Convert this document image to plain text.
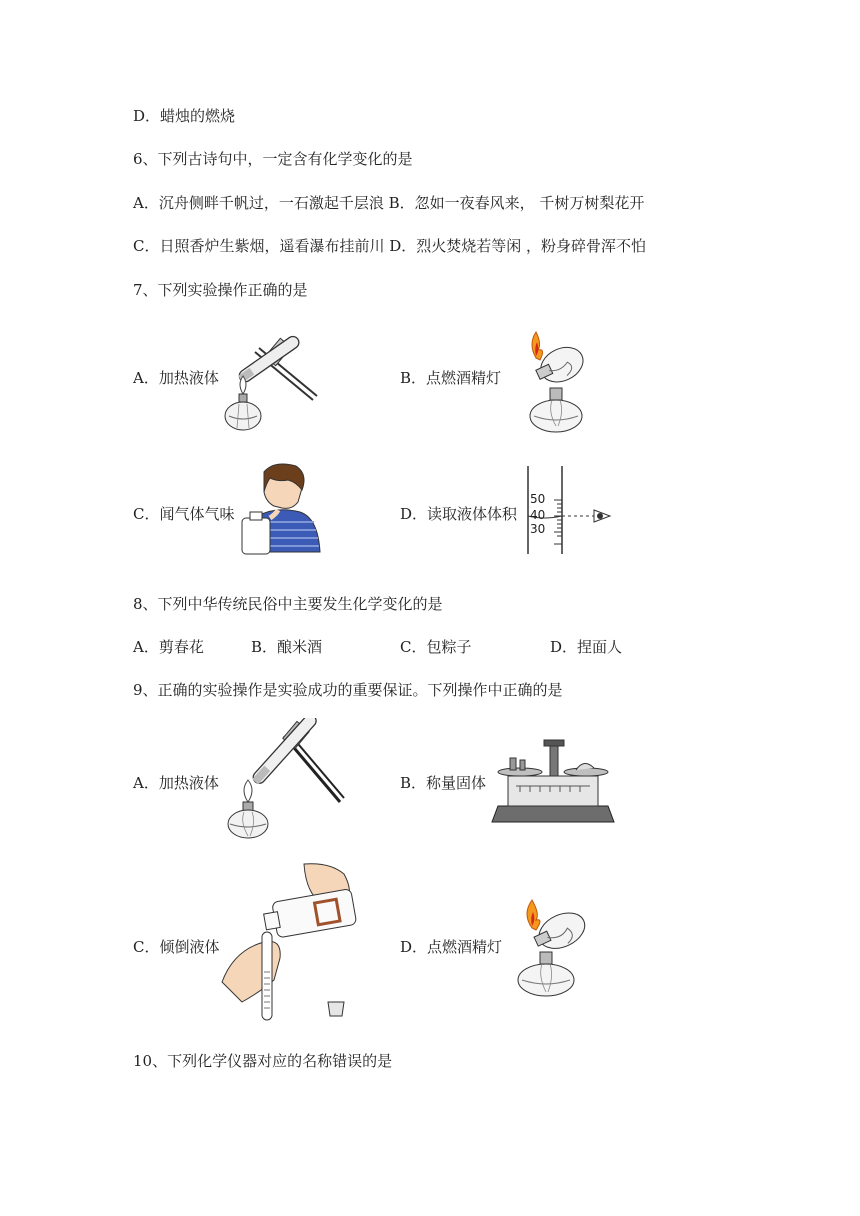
D．蜡烛的燃烧
6、下列古诗句中，一定含有化学变化的是
A．沉舟侧畔千帆过，一石激起千层浪 B．忽如一夜春风来， 千树万树梨花开
C．日照香炉生紫烟，遥看瀑布挂前川 D．烈火焚烧若等闲 ，粉身碎骨浑不怕
7、下列实验操作正确的是
A．加热液体	B．点燃酒精灯
C．闻气体气味	D．读取液体体积
50
40
30
8、下列中华传统民俗中主要发生化学变化的是
A．剪春花	B．酿米酒	C．包粽子	D．捏面人
9、正确的实验操作是实验成功的重要保证。下列操作中正确的是
A．加热液体	B．称量固体
C．倾倒液体	D．点燃酒精灯
10、下列化学仪器对应的名称错误的是
